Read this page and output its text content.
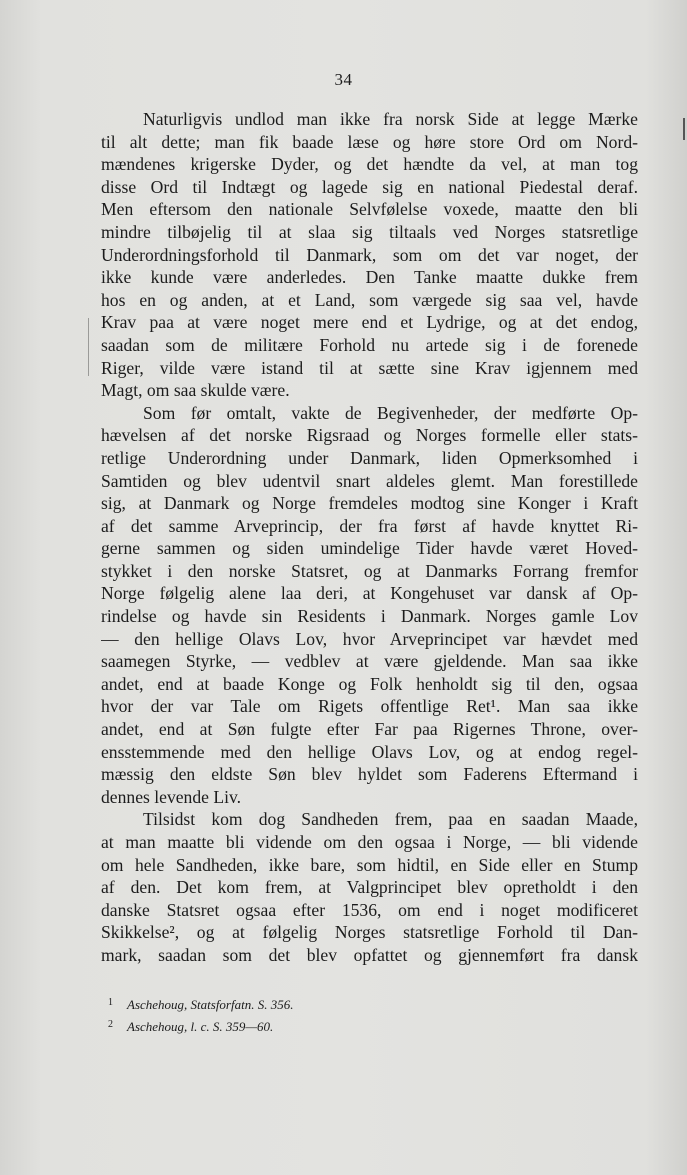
34
Naturligvis undlod man ikke fra norsk Side at legge Mærke
til alt dette; man fik baade læse og høre store Ord om Nord-
mændenes krigerske Dyder, og det hændte da vel, at man tog
disse Ord til Indtægt og lagede sig en national Piedestal deraf.
Men eftersom den nationale Selvfølelse voxede, maatte den bli
mindre tilbøjelig til at slaa sig tiltaals ved Norges statsretlige
Underordningsforhold til Danmark, som om det var noget, der
ikke kunde være anderledes. Den Tanke maatte dukke frem
hos en og anden, at et Land, som værgede sig saa vel, havde
Krav paa at være noget mere end et Lydrige, og at det endog,
saadan som de militære Forhold nu artede sig i de forenede
Riger, vilde være istand til at sætte sine Krav igjennem med
Magt, om saa skulde være.
Som før omtalt, vakte de Begivenheder, der medførte Op-
hævelsen af det norske Rigsraad og Norges formelle eller stats-
retlige Underordning under Danmark, liden Opmerksomhed i
Samtiden og blev udentvil snart aldeles glemt. Man forestillede
sig, at Danmark og Norge fremdeles modtog sine Konger i Kraft
af det samme Arveprincip, der fra først af havde knyttet Ri-
gerne sammen og siden umindelige Tider havde været Hoved-
stykket i den norske Statsret, og at Danmarks Forrang fremfor
Norge følgelig alene laa deri, at Kongehuset var dansk af Op-
rindelse og havde sin Residents i Danmark. Norges gamle Lov
— den hellige Olavs Lov, hvor Arveprincipet var hævdet med
saamegen Styrke, — vedblev at være gjeldende. Man saa ikke
andet, end at baade Konge og Folk henholdt sig til den, ogsaa
hvor der var Tale om Rigets offentlige Ret¹. Man saa ikke
andet, end at Søn fulgte efter Far paa Rigernes Throne, over-
ensstemmende med den hellige Olavs Lov, og at endog regel-
mæssig den eldste Søn blev hyldet som Faderens Eftermand i
dennes levende Liv.
Tilsidst kom dog Sandheden frem, paa en saadan Maade,
at man maatte bli vidende om den ogsaa i Norge, — bli vidende
om hele Sandheden, ikke bare, som hidtil, en Side eller en Stump
af den. Det kom frem, at Valgprincipet blev opretholdt i den
danske Statsret ogsaa efter 1536, om end i noget modificeret
Skikkelse², og at følgelig Norges statsretlige Forhold til Dan-
mark, saadan som det blev opfattet og gjennemført fra dansk
$^1$ Aschehoug, Statsforfatn. S. 356.
$^2$ Aschehoug, l. c. S. 359—60.
